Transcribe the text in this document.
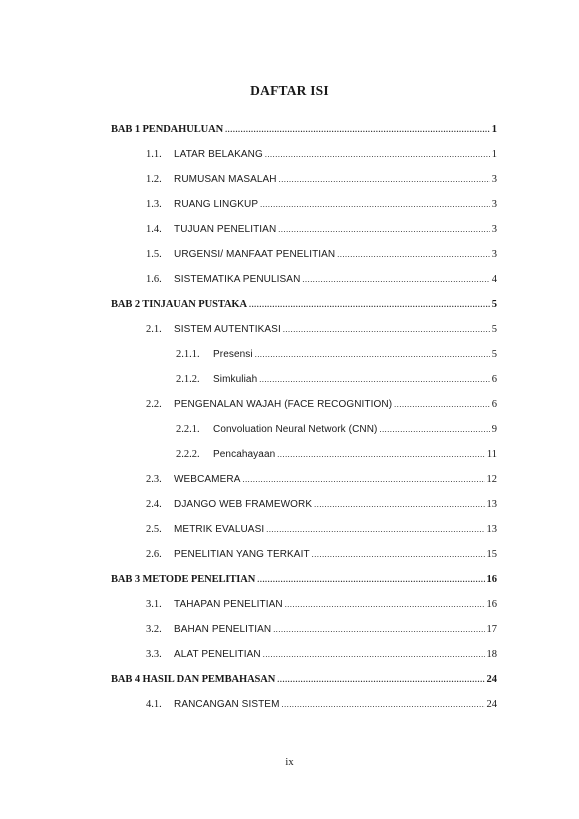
DAFTAR ISI
BAB 1 PENDAHULUAN .....	1
1.1.	LATAR BELAKANG .....	1
1.2.	RUMUSAN MASALAH .....	3
1.3.	RUANG LINGKUP .....	3
1.4.	TUJUAN PENELITIAN .....	3
1.5.	URGENSI/ MANFAAT PENELITIAN .....	3
1.6.	SISTEMATIKA PENULISAN .....	4
BAB 2 TINJAUAN PUSTAKA .....	5
2.1.	SISTEM AUTENTIKASI .....	5
2.1.1.	Presensi .....	5
2.1.2.	Simkuliah .....	6
2.2.	PENGENALAN WAJAH (FACE RECOGNITION) .....	6
2.2.1.	Convoluation Neural Network (CNN) .....	9
2.2.2.	Pencahayaan .....	11
2.3.	WEBCAMERA .....	12
2.4.	DJANGO WEB FRAMEWORK .....	13
2.5.	METRIK EVALUASI .....	13
2.6.	PENELITIAN YANG TERKAIT .....	15
BAB 3 METODE PENELITIAN .....	16
3.1.	TAHAPAN PENELITIAN .....	16
3.2.	BAHAN PENELITIAN .....	17
3.3.	ALAT PENELITIAN .....	18
BAB 4 HASIL DAN PEMBAHASAN .....	24
4.1.	RANCANGAN SISTEM .....	24
ix
